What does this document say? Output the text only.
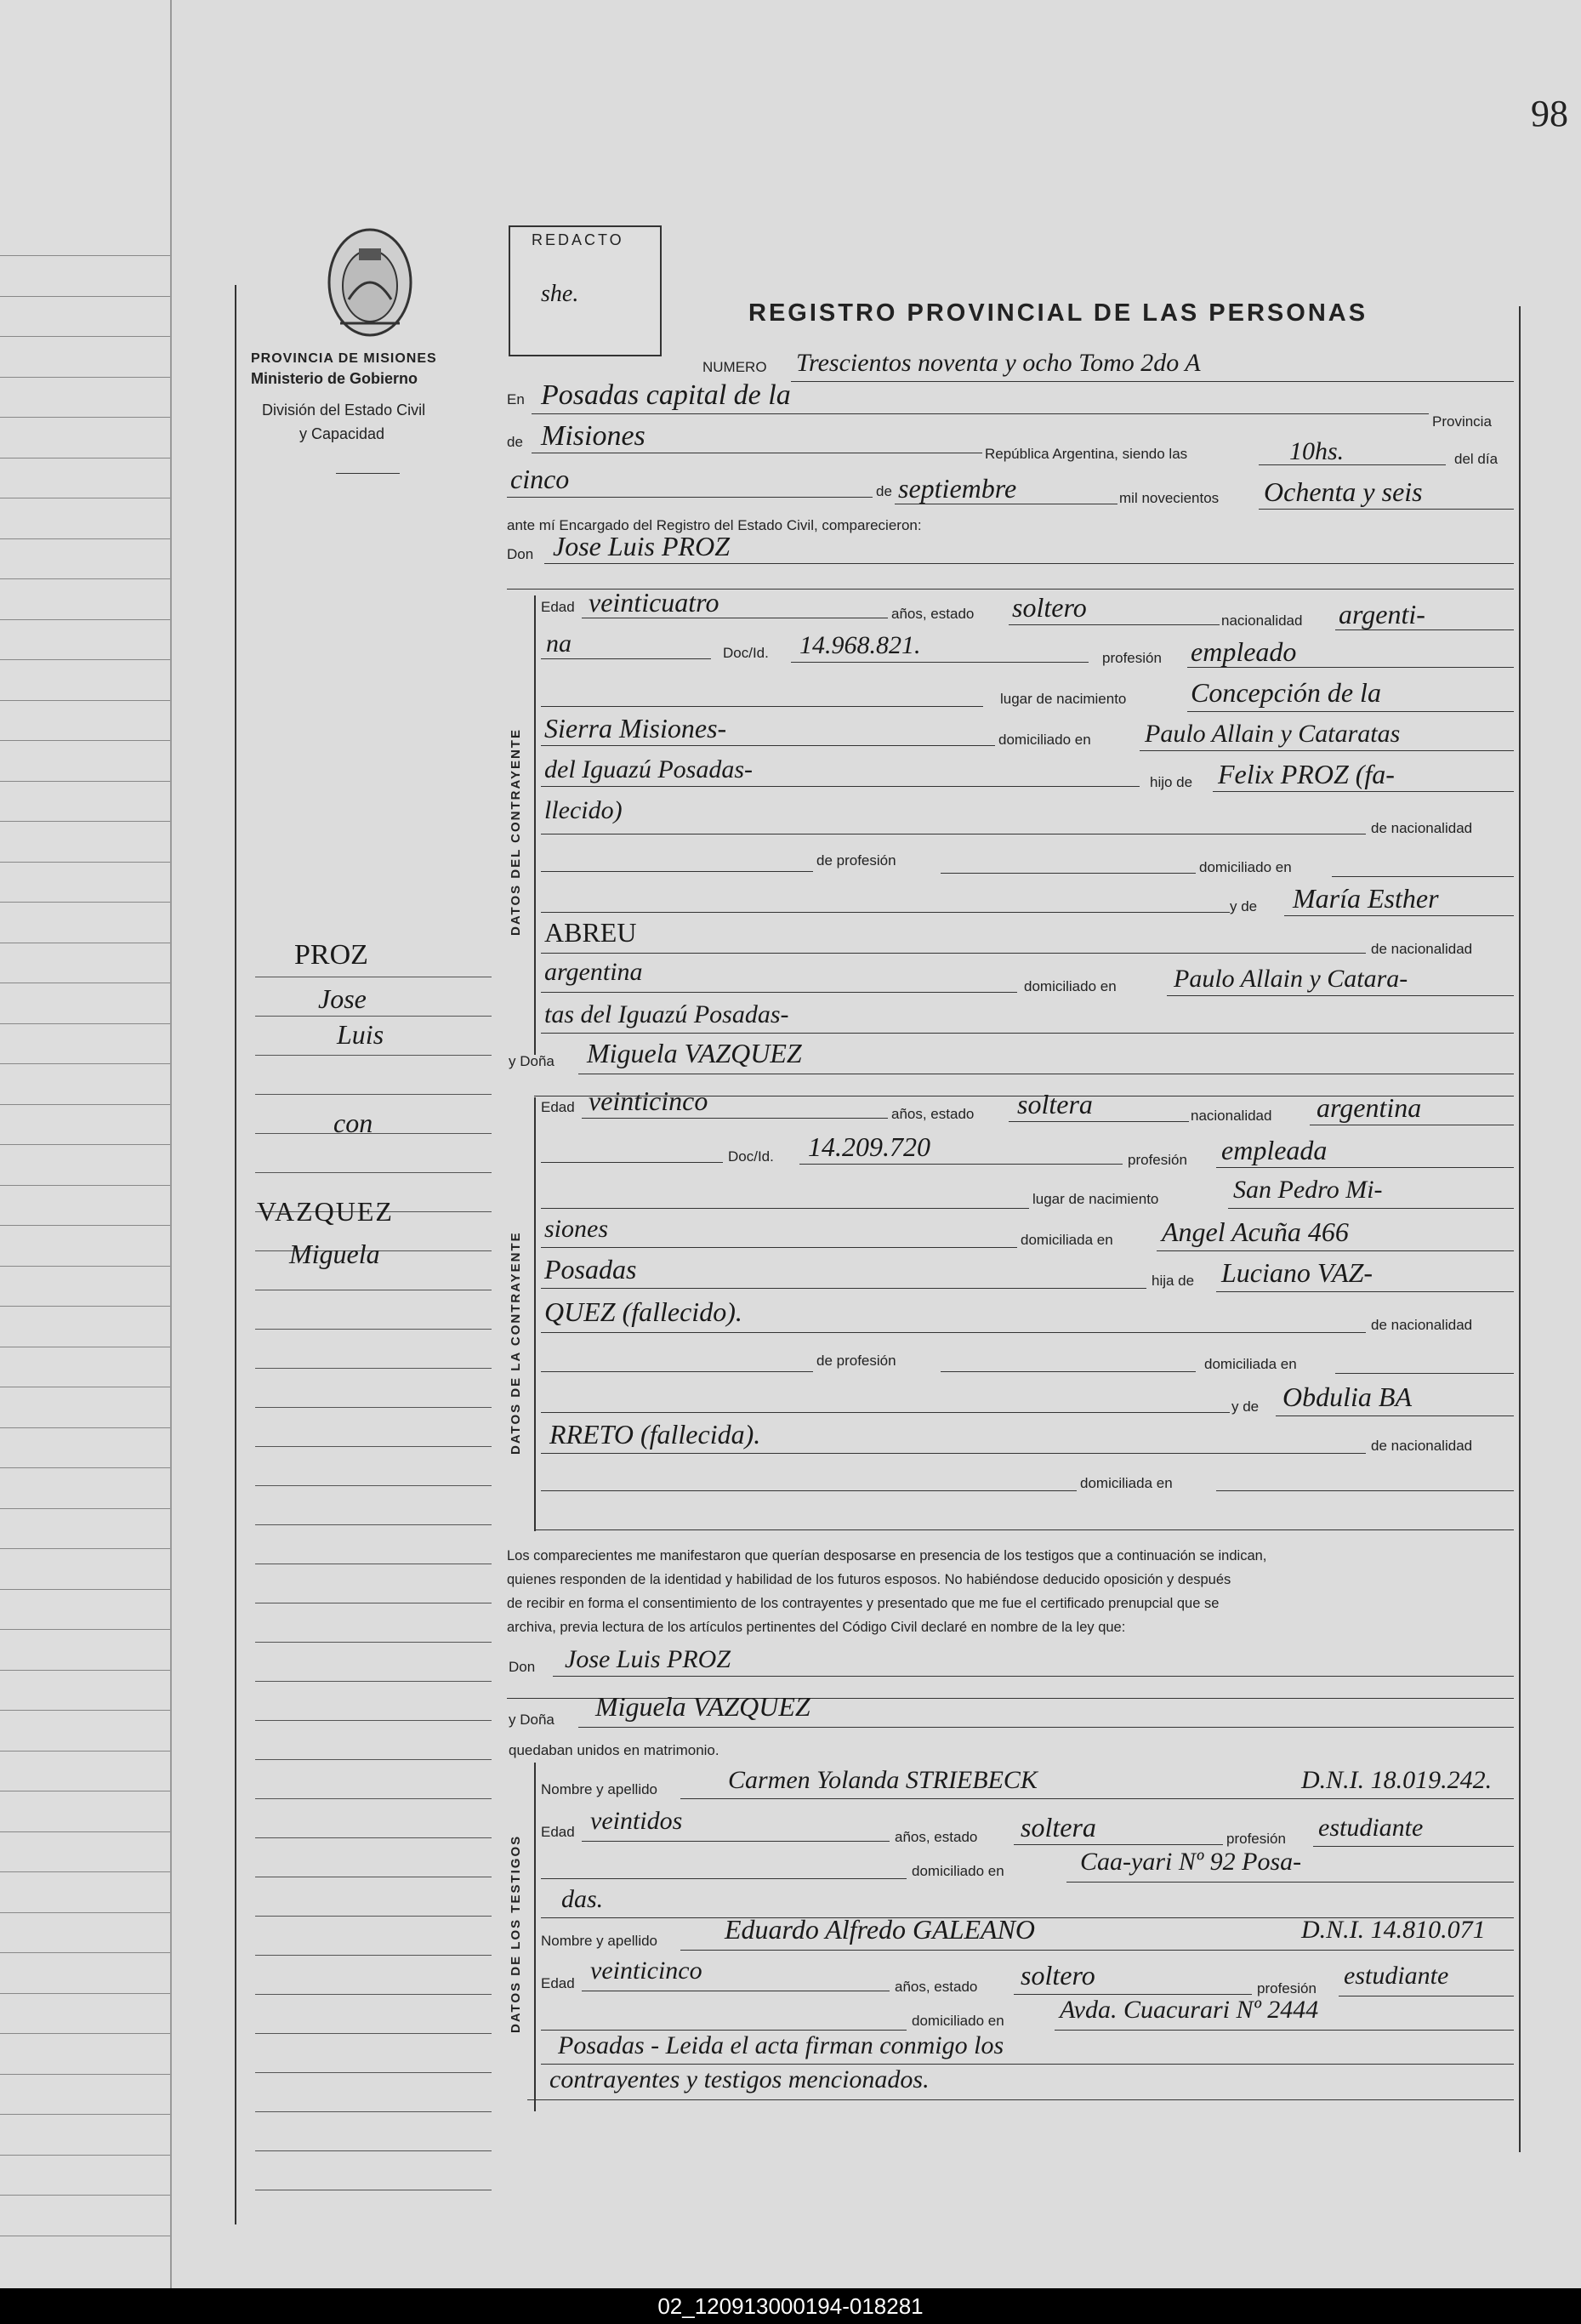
98
PROVINCIA DE MISIONES
Ministerio de Gobierno
División del Estado Civil
y Capacidad
REDACTO
she.
REGISTRO PROVINCIAL DE LAS PERSONAS
NUMERO Trescientos noventa y ocho Tomo 2do A
En Posadas capital de la
Provincia
de Misiones
República Argentina, siendo las	10hs.	del día
cinco	de septiembre	mil novecientos Ochenta y seis
ante mí Encargado del Registro del Estado Civil, comparecieron:
Don Jose Luis PROZ
DATOS DEL CONTRAYENTE
Edad veinticuatro	años, estado soltero	nacionalidad argenti-
na	Doc/Id. 14.968.821.	profesión empleado
lugar de nacimiento Concepción de la
Sierra Misiones-	domiciliado en Paulo Allain y Cataratas
del Iguazú Posadas-	hijo de Felix PROZ (fa-
llecido)
de nacionalidad
de profesión	domiciliado en
y de María Esther
ABREU
de nacionalidad
argentina
domiciliado en Paulo Allain y Catara-
tas del Iguazú Posadas-
y Doña Miguela VAZQUEZ
DATOS DE LA CONTRAYENTE
Edad veinticinco	años, estado soltera	nacionalidad argentina
Doc/Id. 14.209.720	profesión empleada
lugar de nacimiento	San Pedro Mi-
siones	domiciliada en Angel Acuña 466
Posadas	hija de Luciano VAZ-
QUEZ (fallecido).	de nacionalidad
de profesión	domiciliada en
y de Obdulia BA
RRETO (fallecida).	de nacionalidad
domiciliada en
Los comparecientes me manifestaron que querían desposarse en presencia de los testigos que a continuación se indican,
quienes responden de la identidad y habilidad de los futuros esposos. No habiéndose deducido oposición y después
de recibir en forma el consentimiento de los contrayentes y presentado que me fue el certificado prenupcial que se
archiva, previa lectura de los artículos pertinentes del Código Civil declaré en nombre de la ley que:
Don Jose Luis PROZ
y Doña Miguela VAZQUEZ
quedaban unidos en matrimonio.
DATOS DE LOS TESTIGOS
Nombre y apellido	Carmen Yolanda STRIEBECK	D.N.I. 18.019.242.
Edad veintidos
años, estado soltera	profesión estudiante
domiciliado en	Caa-yari Nº 92 Posa-
das.
Nombre y apellido Eduardo Alfredo GALEANO	D.N.I. 14.810.071
Edad veinticinco
años, estado soltero	profesión estudiante
domiciliado en Avda. Cuacurari Nº 2444
Posadas - Leida el acta firman conmigo los
contrayentes y testigos mencionados.
PROZ
Jose
Luis
con
VAZQUEZ
Miguela
02_120913000194-018281
